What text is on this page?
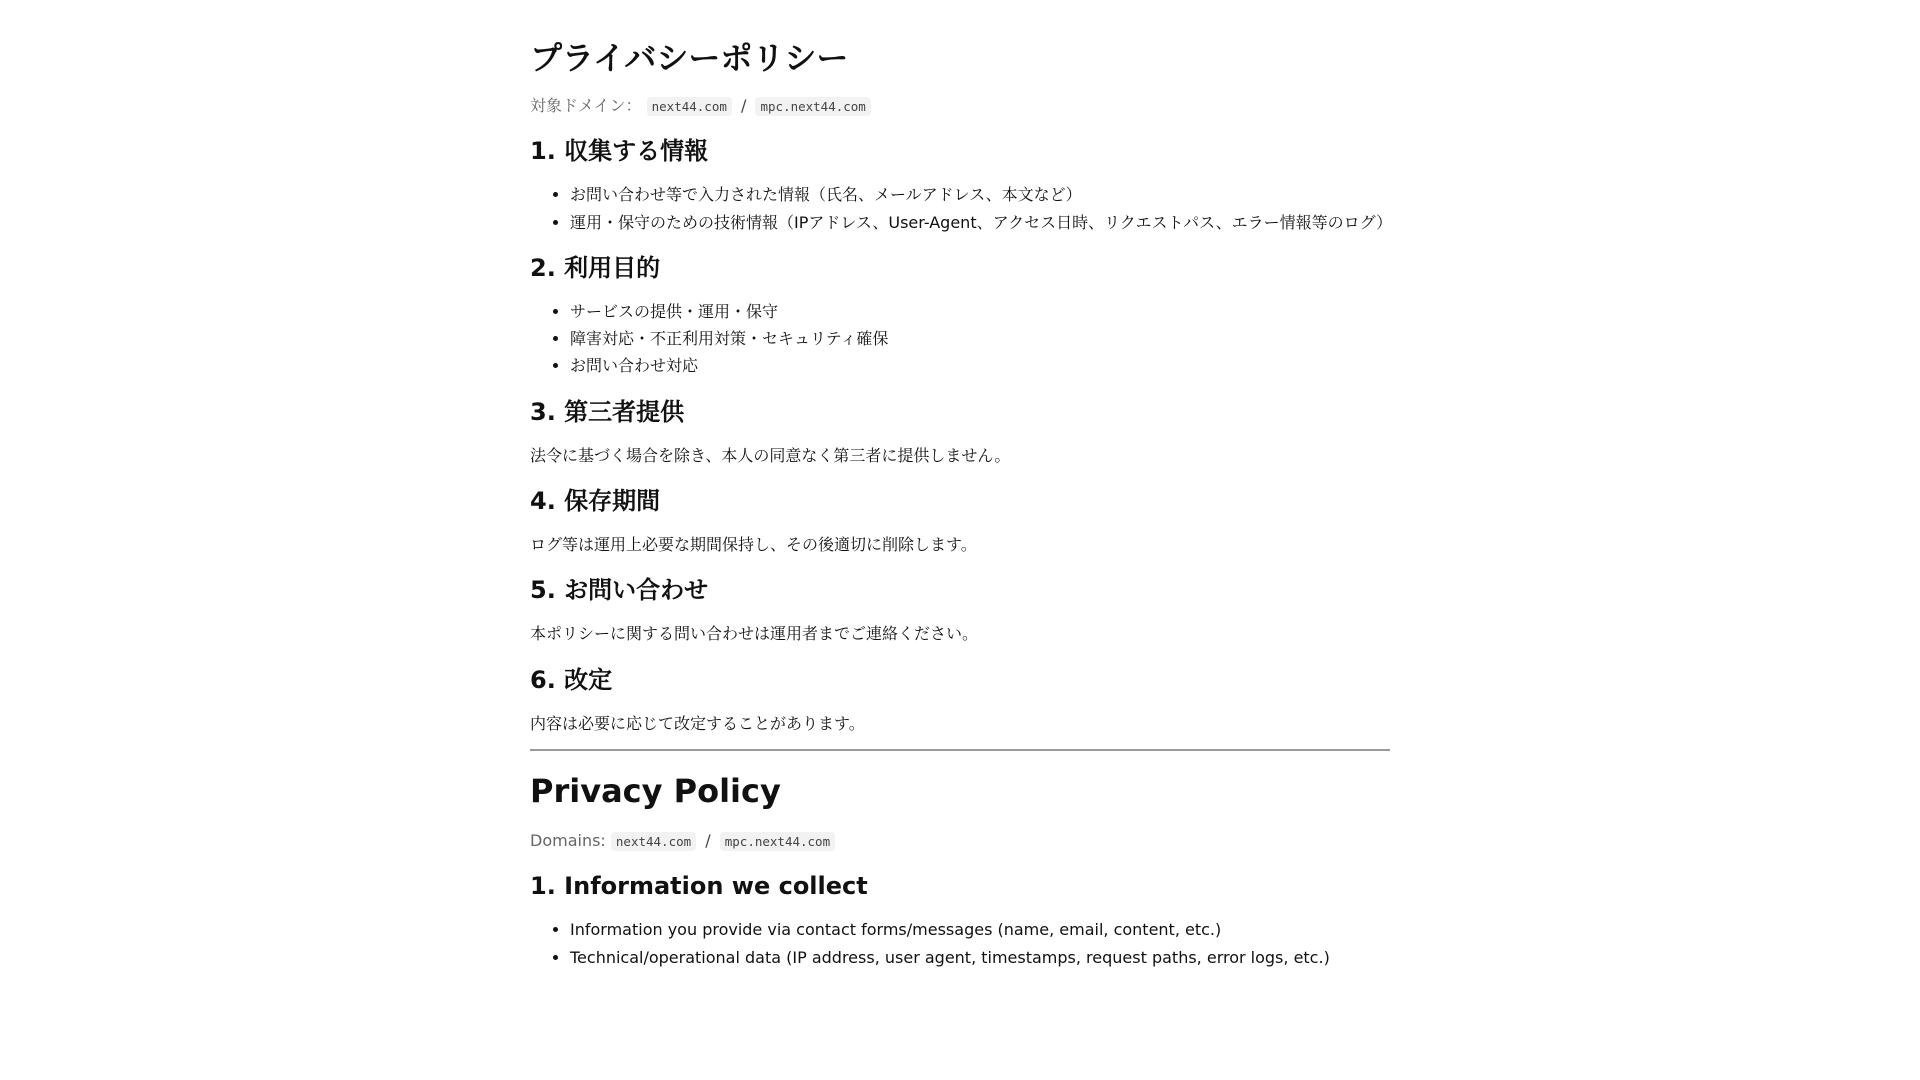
プライバシーポリシー
対象ドメイン： next44.com / mpc.next44.com
1. 収集する情報
• お問い合わせ等で入力された情報（氏名、メールアドレス、本文など）
• 運用・保守のための技術情報（IPアドレス、User-Agent、アクセス日時、リクエストパス、エラー情報等のログ）
2. 利用目的
• サービスの提供・運用・保守
• 障害対応・不正利用対策・セキュリティ確保
• お問い合わせ対応
3. 第三者提供

法令に基づく場合を除き、本人の同意なく第三者に提供しません。

4. 保存期間

ログ等は運用上必要な期間保持し、その後適切に削除します。

5. お問い合わせ

本ポリシーに関する問い合わせは運用者までご連絡ください。

6. 改定

内容は必要に応じて改定することがあります。

Privacy Policy
Domains: next44.com / mpc.next44.com
1. Information we collect
• Information you provide via contact forms/messages (name, email, content, etc.)
• Technical/operational data (IP address, user agent, timestamps, request paths, error logs, etc.)
